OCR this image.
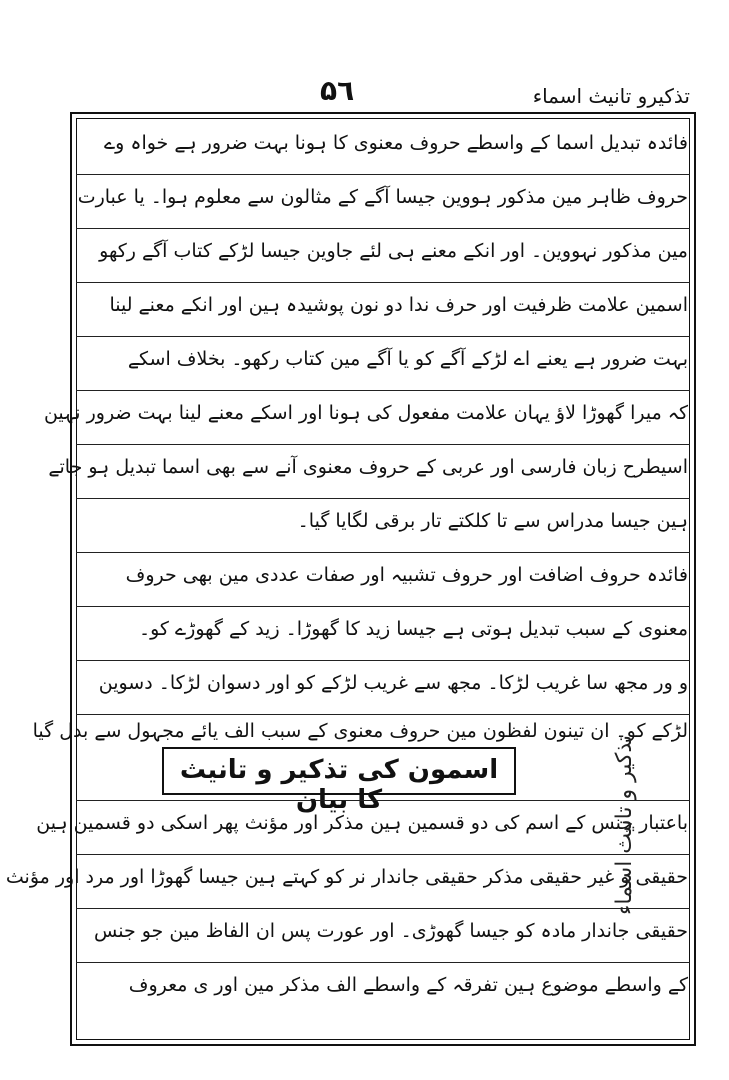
تذکیرو تانیث اسماء
۵٦
فائدہ تبدیل اسما کے واسطے حروف معنوی کا ہونا بہت ضرور ہے خواہ وے
حروف ظاہر مین مذکور ہووین جیسا آگے کے مثالون سے معلوم ہوا۔ یا عبارت
مین مذکور نہووین۔ اور انکے معنے ہی لئے جاوین جیسا لڑکے کتاب آگے رکھو
اسمین علامت ظرفیت اور حرف ندا دو نون پوشیدہ ہین اور انکے معنے لینا
بہت ضرور ہے یعنے اے لڑکے آگے کو یا آگے مین کتاب رکھو۔ بخلاف اسکے
کہ میرا گھوڑا لاؤ یہان علامت مفعول کی ہونا اور اسکے معنے لینا بہت ضرور نہین
اسیطرح زبان فارسی اور عربی کے حروف معنوی آنے سے بھی اسما تبدیل ہو جاتے
ہین جیسا مدراس سے تا کلکتے تار برقی لگایا گیا۔
فائدہ حروف اضافت اور حروف تشبیہ اور صفات عددی مین بھی حروف
معنوی کے سبب تبدیل ہوتی ہے جیسا زید کا گھوڑا۔ زید کے گھوڑے کو۔
و ور مجھ سا غریب لڑکا۔ مجھ سے غریب لڑکے کو اور دسوان لڑکا۔ دسوین
لڑکے کو۔ ان تینون لفظون مین حروف معنوی کے سبب الف یائے مجہول سے بدل گیا
اسمون کی تذکیر و تانیث کا بیان
باعتبار جنس کے اسم کی دو قسمین ہین مذکر اور مؤنث پھر اسکی دو قسمین ہین
حقیقی و غیر حقیقی مذکر حقیقی جاندار نر کو کہتے ہین جیسا گھوڑا اور مرد اور مؤنث
حقیقی جاندار مادہ کو جیسا گھوڑی۔ اور عورت پس ان الفاظ مین جو جنس
کے واسطے موضوع ہین تفرقہ کے واسطے الف مذکر مین اور ی معروف
تذکیر و تانیث اسماء
